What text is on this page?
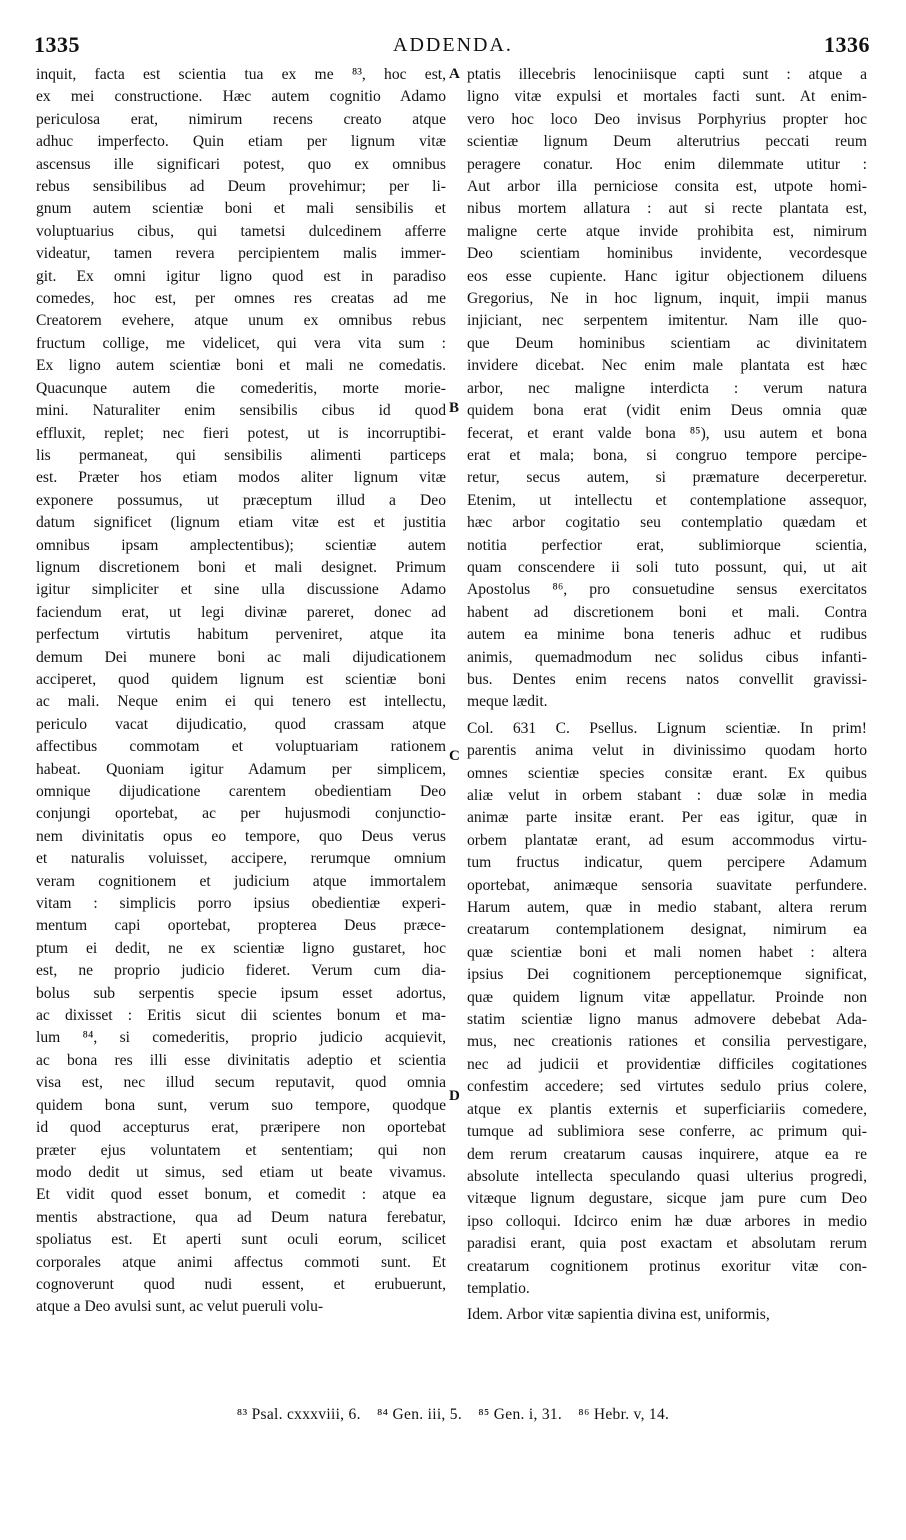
1335	ADDENDA.	1336
inquit, facta est scientia tua ex me ⁸³, hoc est,
ex mei constructione. Hæc autem cognitio Adamo
periculosa erat, nimirum recens creato atque
adhuc imperfecto. Quin etiam per lignum vitæ
ascensus ille significari potest, quo ex omnibus
rebus sensibilibus ad Deum provehimur; per li-
gnum autem scientiæ boni et mali sensibilis et
voluptuarius cibus, qui tametsi dulcedinem afferre
videatur, tamen revera percipientem malis immer-
git. Ex omni igitur ligno quod est in paradiso
comedes, hoc est, per omnes res creatas ad me
Creatorem evehere, atque unum ex omnibus rebus
fructum collige, me videlicet, qui vera vita sum :
Ex ligno autem scientiæ boni et mali ne comedatis.
Quacunque autem die comederitis, morte morie-
mini. Naturaliter enim sensibilis cibus id quod
effluxit, replet; nec fieri potest, ut is incorruptibi-
lis permaneat, qui sensibilis alimenti particeps
est. Præter hos etiam modos aliter lignum vitæ
exponere possumus, ut præceptum illud a Deo
datum significet (lignum etiam vitæ est et justitia
omnibus ipsam amplectentibus); scientiæ autem
lignum discretionem boni et mali designet. Primum
igitur simpliciter et sine ulla discussione Adamo
faciendum erat, ut legi divinæ pareret, donec ad
perfectum virtutis habitum perveniret, atque ita
demum Dei munere boni ac mali dijudicationem
acciperet, quod quidem lignum est scientiæ boni
ac mali. Neque enim ei qui tenero est intellectu,
periculo vacat dijudicatio, quod crassam atque
affectibus commotam et voluptuariam rationem
habeat. Quoniam igitur Adamum per simplicem,
omnique dijudicatione carentem obedientiam Deo
conjungi oportebat, ac per hujusmodi conjunctio-
nem divinitatis opus eo tempore, quo Deus verus
et naturalis voluisset, accipere, rerumque omnium
veram cognitionem et judicium atque immortalem
vitam : simplicis porro ipsius obedientiæ experi-
mentum capi oportebat, propterea Deus præce-
ptum ei dedit, ne ex scientiæ ligno gustaret, hoc
est, ne proprio judicio fideret. Verum cum dia-
bolus sub serpentis specie ipsum esset adortus,
ac dixisset : Eritis sicut dii scientes bonum et ma-
lum ⁸⁴, si comederitis, proprio judicio acquievit,
ac bona res illi esse divinitatis adeptio et scientia
visa est, nec illud secum reputavit, quod omnia
quidem bona sunt, verum suo tempore, quodque
id quod accepturus erat, præripere non oportebat
præter ejus voluntatem et sententiam; qui non
modo dedit ut simus, sed etiam ut beate vivamus.
Et vidit quod esset bonum, et comedit : atque ea
mentis abstractione, qua ad Deum natura ferebatur,
spoliatus est. Et aperti sunt oculi eorum, scilicet
corporales atque animi affectus commoti sunt. Et
cognoverunt quod nudi essent, et erubuerunt,
atque a Deo avulsi sunt, ac velut pueruli volu-
ptatis illecebris lenociniisque capti sunt : atque a
ligno vitæ expulsi et mortales facti sunt. At enim-
vero hoc loco Deo invisus Porphyrius propter hoc
scientiæ lignum Deum alterutrius peccati reum
peragere conatur. Hoc enim dilemmate utitur :
Aut arbor illa perniciose consita est, utpote homi-
nibus mortem allatura : aut si recte plantata est,
maligne certe atque invide prohibita est, nimirum
Deo scientiam hominibus invidente, vecordesque
eos esse cupiente. Hanc igitur objectionem diluens
Gregorius, Ne in hoc lignum, inquit, impii manus
injiciant, nec serpentem imitentur. Nam ille quo-
que Deum hominibus scientiam ac divinitatem
invidere dicebat. Nec enim male plantata est hæc
arbor, nec maligne interdicta : verum natura
quidem bona erat (vidit enim Deus omnia quæ
fecerat, et erant valde bona ⁸⁵), usu autem et bona
erat et mala; bona, si congruo tempore percipe-
retur, secus autem, si præmature decerperetur.
Etenim, ut intellectu et contemplatione assequor,
hæc arbor cogitatio seu contemplatio quædam et
notitia perfectior erat, sublimiorque scientia,
quam conscendere ii soli tuto possunt, qui, ut ait
Apostolus ⁸⁶, pro consuetudine sensus exercitatos
habent ad discretionem boni et mali. Contra
autem ea minime bona teneris adhuc et rudibus
animis, quemadmodum nec solidus cibus infanti-
bus. Dentes enim recens natos convellit gravissi-
meque lædit.
Col. 631 C. Psellus. Lignum scientiæ. In prim!
parentis anima velut in divinissimo quodam horto
omnes scientiæ species consitæ erant. Ex quibus
aliæ velut in orbem stabant : duæ solæ in media
animæ parte insitæ erant. Per eas igitur, quæ in
orbem plantatæ erant, ad esum accommodus virtu-
tum fructus indicatur, quem percipere Adamum
oportebat, animæque sensoria suavitate perfundere.
Harum autem, quæ in medio stabant, altera rerum
creatarum contemplationem designat, nimirum ea
quæ scientiæ boni et mali nomen habet : altera
ipsius Dei cognitionem perceptionemque significat,
quæ quidem lignum vitæ appellatur. Proinde non
statim scientiæ ligno manus admovere debebat Ada-
mus, nec creationis rationes et consilia pervestigare,
nec ad judicii et providentiæ difficiles cogitationes
confestim accedere; sed virtutes sedulo prius colere,
atque ex plantis externis et superficiariis comedere,
tumque ad sublimiora sese conferre, ac primum qui-
dem rerum creatarum causas inquirere, atque ea re
absolute intellecta speculando quasi ulterius progredi,
vitæque lignum degustare, sicque jam pure cum Deo
ipso colloqui. Idcirco enim hæ duæ arbores in medio
paradisi erant, quia post exactam et absolutam rerum
creatarum cognitionem protinus exoritur vitæ con-
templatio.
Idem. Arbor vitæ sapientia divina est, uniformis,
A
B
C
D
⁸³ Psal. cxxxviii, 6. ⁸⁴ Gen. iii, 5. ⁸⁵ Gen. i, 31. ⁸⁶ Hebr. v, 14.
